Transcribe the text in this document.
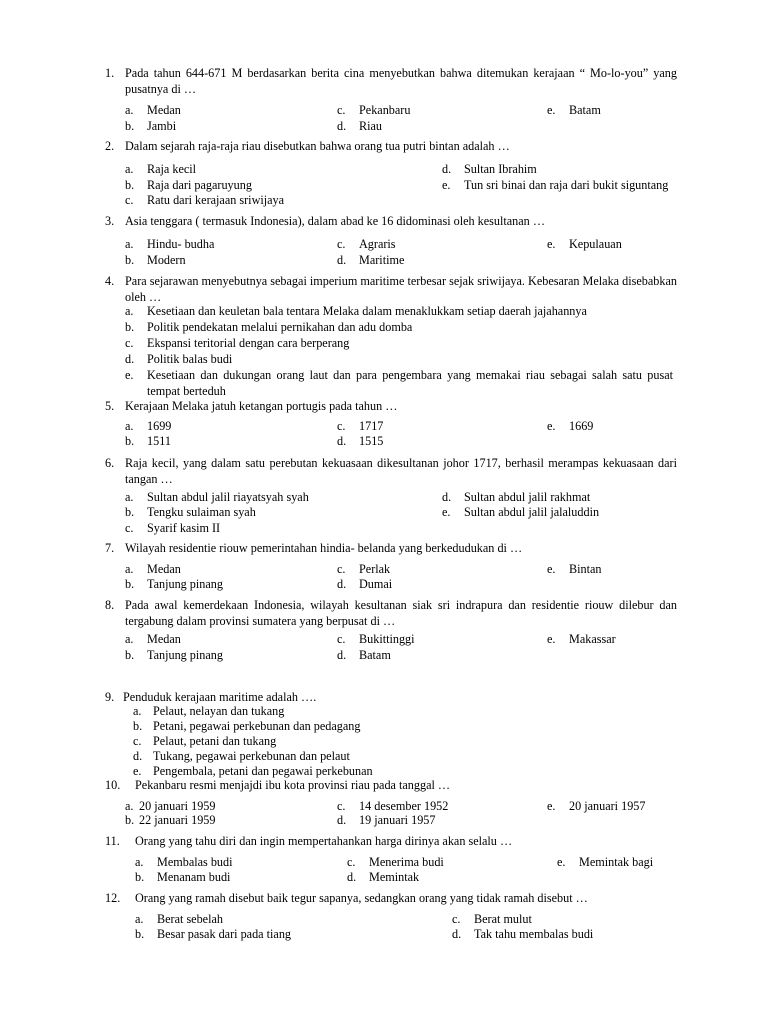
1. Pada tahun 644-671 M berdasarkan berita cina menyebutkan bahwa ditemukan kerajaan “ Mo-lo-you” yang pusatnya di …
a. Medan
b. Jambi
c. Pekanbaru
d. Riau
e. Batam
2. Dalam sejarah raja-raja riau disebutkan bahwa orang tua putri bintan adalah …
a. Raja kecil
b. Raja dari pagaruyung
c. Ratu dari kerajaan sriwijaya
d. Sultan Ibrahim
e. Tun sri binai dan raja dari bukit siguntang
3. Asia tenggara ( termasuk Indonesia), dalam abad ke 16 didominasi oleh kesultanan …
a. Hindu- budha
b. Modern
c. Agraris
d. Maritime
e. Kepulauan
4. Para sejarawan menyebutnya sebagai imperium maritime terbesar sejak sriwijaya. Kebesaran Melaka disebabkan oleh …
a. Kesetiaan dan keuletan bala tentara Melaka dalam menaklukkam setiap daerah jajahannya
b. Politik pendekatan melalui pernikahan dan adu domba
c. Ekspansi teritorial dengan cara berperang
d. Politik balas budi
e. Kesetiaan dan dukungan orang laut dan para pengembara yang memakai riau sebagai salah satu pusat tempat berteduh
5. Kerajaan Melaka jatuh ketangan portugis pada tahun …
a. 1699
b. 1511
c. 1717
d. 1515
e. 1669
6. Raja kecil, yang dalam satu perebutan kekuasaan dikesultanan johor 1717, berhasil merampas kekuasaan dari tangan …
a. Sultan abdul jalil riayatsyah syah
b. Tengku sulaiman syah
c. Syarif kasim II
d. Sultan abdul jalil rakhmat
e. Sultan abdul jalil jalaluddin
7. Wilayah residentie riouw pemerintahan hindia- belanda yang berkedudukan di …
a. Medan
b. Tanjung pinang
c. Perlak
d. Dumai
e. Bintan
8. Pada awal kemerdekaan Indonesia, wilayah kesultanan siak sri indrapura dan residentie riouw dilebur dan tergabung dalam provinsi sumatera yang berpusat di …
a. Medan
b. Tanjung pinang
c. Bukittinggi
d. Batam
e. Makassar
9. Penduduk kerajaan maritime adalah ….
a. Pelaut, nelayan dan tukang
b. Petani, pegawai perkebunan dan pedagang
c. Pelaut, petani dan tukang
d. Tukang, pegawai perkebunan dan pelaut
e. Pengembala, petani dan pegawai perkebunan
10. Pekanbaru resmi menjajdi ibu kota provinsi riau pada tanggal …
a. 20 januari 1959
b. 22 januari 1959
c. 14 desember 1952
d. 19 januari 1957
e. 20 januari 1957
11. Orang yang tahu diri dan ingin mempertahankan harga dirinya akan selalu …
a. Membalas budi
b. Menanam budi
c. Menerima budi
d. Memintak
e. Memintak bagi
12. Orang yang ramah disebut baik tegur sapanya, sedangkan orang yang tidak ramah disebut …
a. Berat sebelah
b. Besar pasak dari pada tiang
c. Berat mulut
d. Tak tahu membalas budi
